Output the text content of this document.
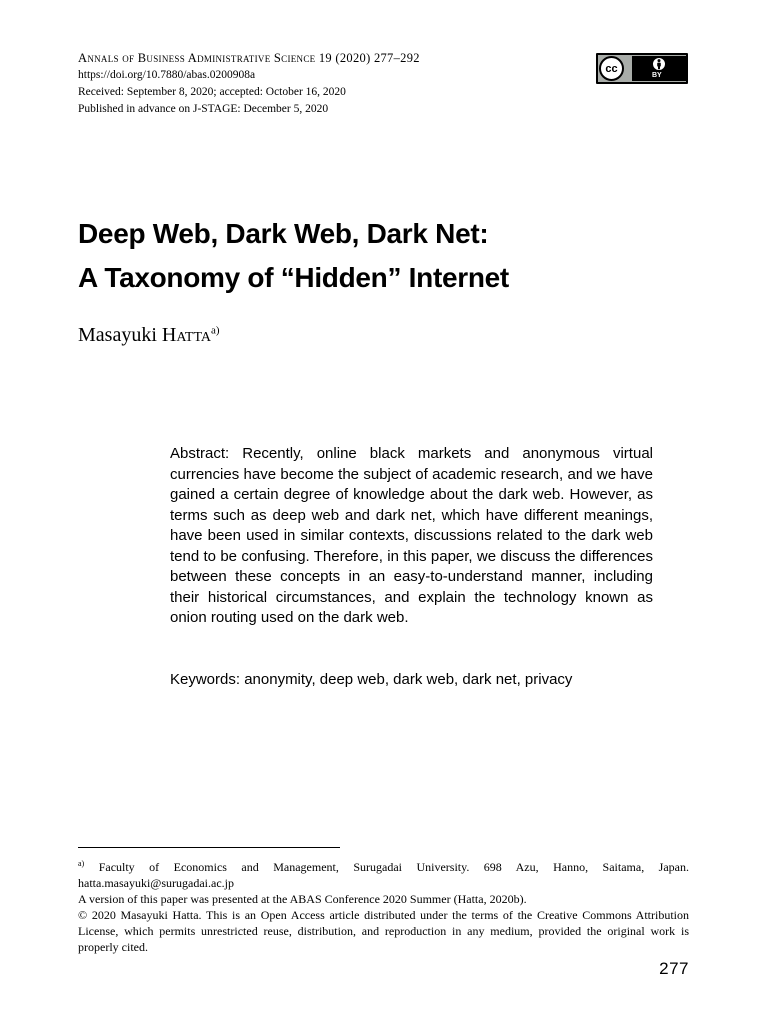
Annals of Business Administrative Science 19 (2020) 277–292
https://doi.org/10.7880/abas.0200908a
Received: September 8, 2020; accepted: October 16, 2020
Published in advance on J-STAGE: December 5, 2020
cc
BY
Deep Web, Dark Web, Dark Net:
A Taxonomy of “Hidden” Internet
Masayuki Hatta$^{a)}$

Abstract: Recently, online black markets and anonymous virtual currencies have become the subject of academic research, and we have gained a certain degree of knowledge about the dark web. However, as terms such as deep web and dark net, which have different meanings, have been used in similar contexts, discussions related to the dark web tend to be confusing. Therefore, in this paper, we discuss the differences between these concepts in an easy-to-understand manner, including their historical circumstances, and explain the technology known as onion routing used on the dark web.

Keywords: anonymity, deep web, dark web, dark net, privacy

$^{a)}$ Faculty of Economics and Management, Surugadai University. 698 Azu, Hanno, Saitama, Japan. hatta.masayuki@surugadai.ac.jp

A version of this paper was presented at the ABAS Conference 2020 Summer (Hatta, 2020b).

© 2020 Masayuki Hatta. This is an Open Access article distributed under the terms of the Creative Commons Attribution License, which permits unrestricted reuse, distribution, and reproduction in any medium, provided the original work is properly cited.

277
